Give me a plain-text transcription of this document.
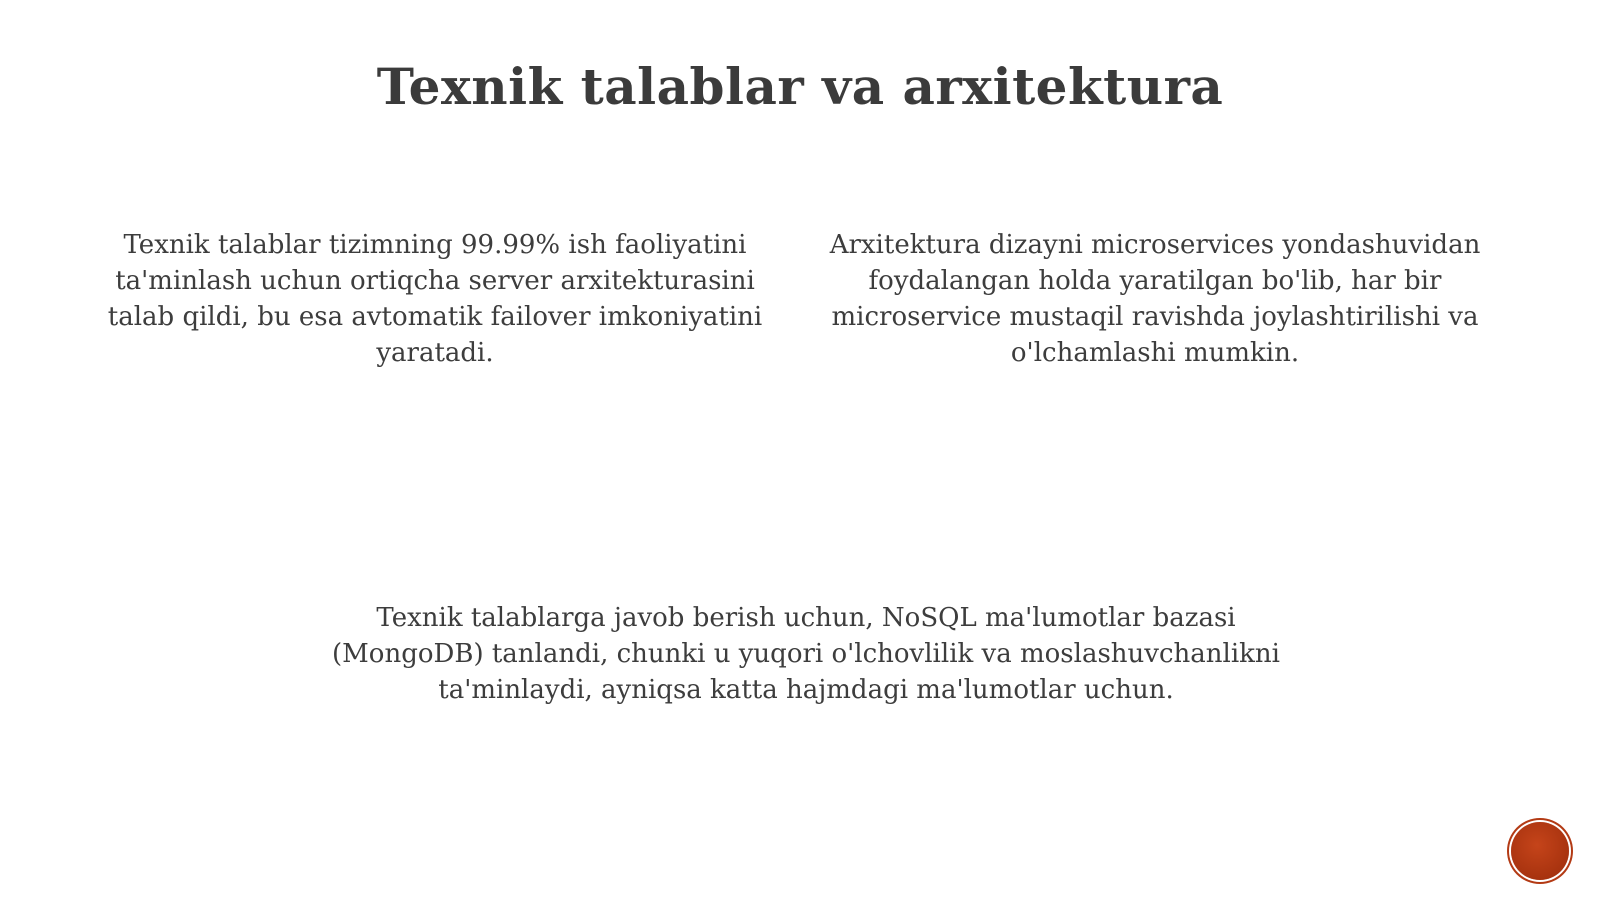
Texnik talablar va arxitektura
Texnik talablar tizimning 99.99% ish faoliyatini ta'minlash uchun ortiqcha server arxitekturasini talab qildi, bu esa avtomatik failover imkoniyatini yaratadi.
Arxitektura dizayni microservices yondashuvidan foydalangan holda yaratilgan bo'lib, har bir microservice mustaqil ravishda joylashtirilishi va o'lchamlashi mumkin.
Texnik talablarga javob berish uchun, NoSQL ma'lumotlar bazasi (MongoDB) tanlandi, chunki u yuqori o'lchovlilik va moslashuvchanlikni ta'minlaydi, ayniqsa katta hajmdagi ma'lumotlar uchun.
